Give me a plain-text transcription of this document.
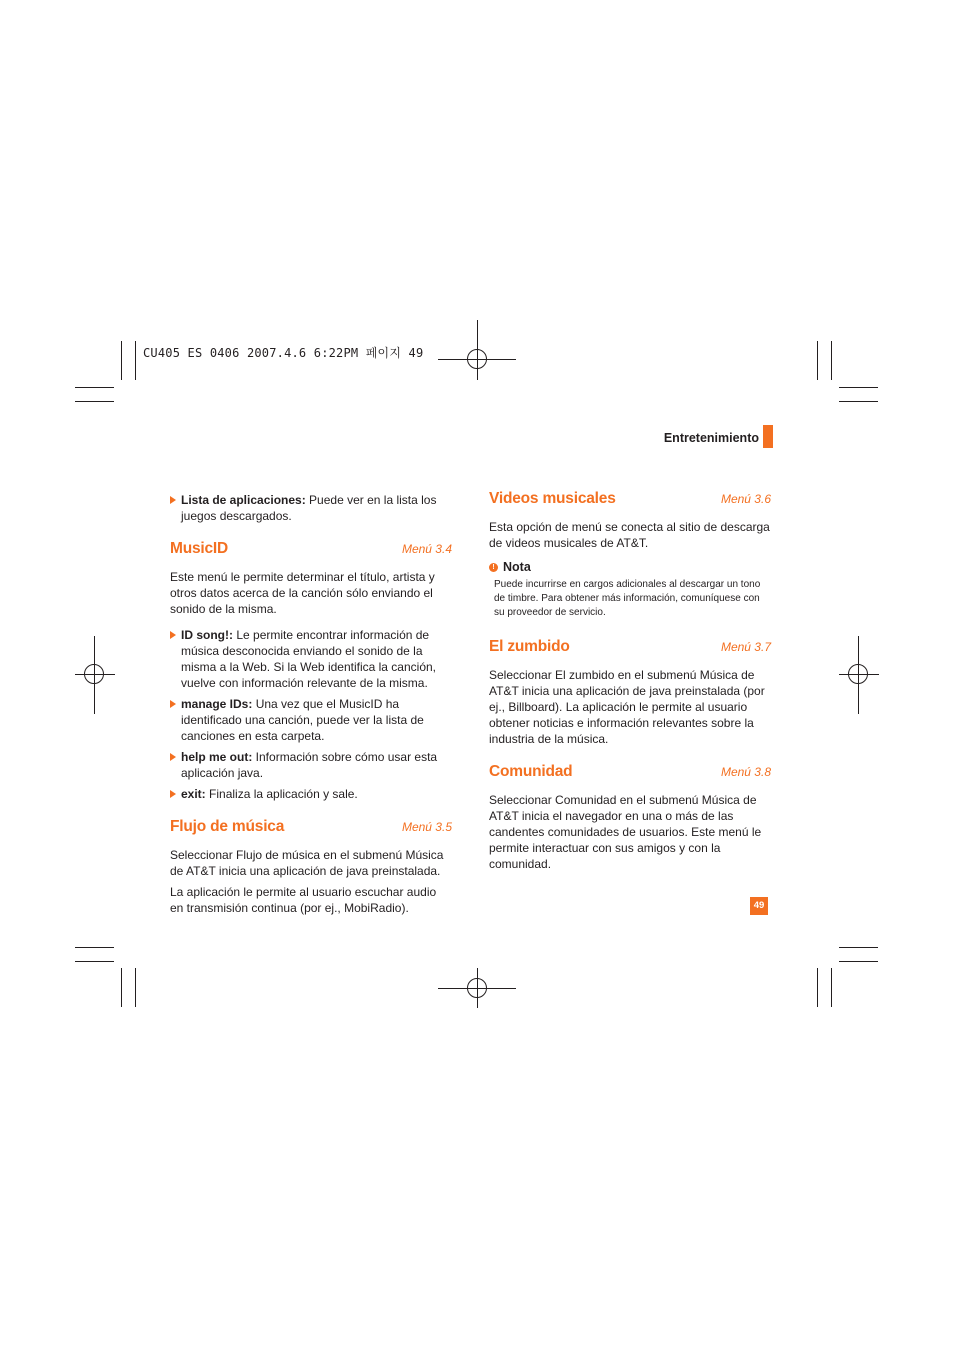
CU405 ES 0406 2007.4.6 6:22PM 페이지 49
Entretenimiento
Lista de aplicaciones: Puede ver en la lista los juegos descargados.
MusicID	Menú 3.4

Este menú le permite determinar el título, artista y otros datos acerca de la canción sólo enviando el sonido de la misma.

ID song!: Le permite encontrar información de música desconocida enviando el sonido de la misma a la Web. Si la Web identifica la canción, vuelve con información relevante de la misma.
manage IDs: Una vez que el MusicID ha identificado una canción, puede ver la lista de canciones en esta carpeta.
help me out: Información sobre cómo usar esta aplicación java.
exit: Finaliza la aplicación y sale.
Flujo de música	Menú 3.5

Seleccionar Flujo de música en el submenú Música de AT&T inicia una aplicación de java preinstalada.

La aplicación le permite al usuario escuchar audio en transmisión continua (por ej., MobiRadio).

Videos musicales	Menú 3.6

Esta opción de menú se conecta al sitio de descarga de videos musicales de AT&T.

! Nota
Puede incurrirse en cargos adicionales al descargar un tono de timbre. Para obtener más información, comuníquese con su proveedor de servicio.
El zumbido	Menú 3.7

Seleccionar El zumbido en el submenú Música de AT&T inicia una aplicación de java preinstalada (por ej., Billboard). La aplicación le permite al usuario obtener noticias e información relevantes sobre la industria de la música.

Comunidad	Menú 3.8

Seleccionar Comunidad en el submenú Música de AT&T inicia el navegador en una o más de las candentes comunidades de usuarios. Este menú le permite interactuar con sus amigos y con la comunidad.

49
